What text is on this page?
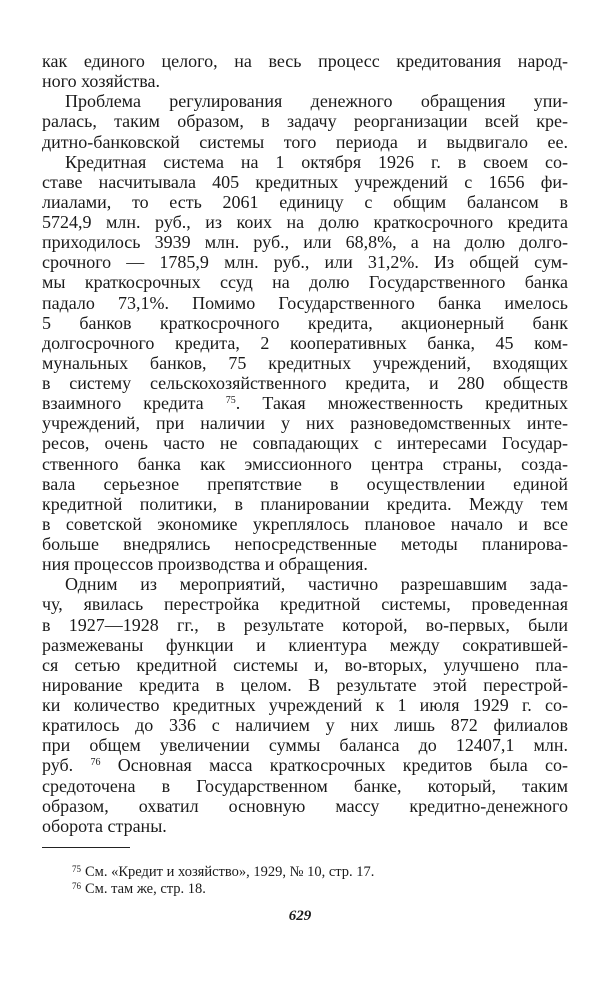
как единого целого, на весь процесс кредитования народ-
ного хозяйства.
Проблема регулирования денежного обращения упи-
ралась, таким образом, в задачу реорганизации всей кре-
дитно-банковской системы того периода и выдвигало ее.
Кредитная система на 1 октября 1926 г. в своем со-
ставе насчитывала 405 кредитных учреждений с 1656 фи-
лиалами, то есть 2061 единицу с общим балансом в
5724,9 млн. руб., из коих на долю краткосрочного кредита
приходилось 3939 млн. руб., или 68,8%, а на долю долго-
срочного — 1785,9 млн. руб., или 31,2%. Из общей сум-
мы краткосрочных ссуд на долю Государственного банка
падало 73,1%. Помимо Государственного банка имелось
5 банков краткосрочного кредита, акционерный банк
долгосрочного кредита, 2 кооперативных банка, 45 ком-
мунальных банков, 75 кредитных учреждений, входящих
в систему сельскохозяйственного кредита, и 280 обществ
взаимного кредита $^{75}$. Такая множественность кредитных
учреждений, при наличии у них разноведомственных инте-
ресов, очень часто не совпадающих с интересами Государ-
ственного банка как эмиссионного центра страны, созда-
вала серьезное препятствие в осуществлении единой
кредитной политики, в планировании кредита. Между тем
в советской экономике укреплялось плановое начало и все
больше внедрялись непосредственные методы планирова-
ния процессов производства и обращения.
Одним из мероприятий, частично разрешавшим зада-
чу, явилась перестройка кредитной системы, проведенная
в 1927—1928 гг., в результате которой, во-первых, были
размежеваны функции и клиентура между сократившей-
ся сетью кредитной системы и, во-вторых, улучшено пла-
нирование кредита в целом. В результате этой перестрой-
ки количество кредитных учреждений к 1 июля 1929 г. со-
кратилось до 336 с наличием у них лишь 872 филиалов
при общем увеличении суммы баланса до 12407,1 млн.
руб. $^{76}$ Основная масса краткосрочных кредитов была со-
средоточена в Государственном банке, который, таким
образом, охватил основную массу кредитно-денежного
оборота страны.
$^{75}$ См. «Кредит и хозяйство», 1929, № 10, стр. 17.
$^{76}$ См. там же, стр. 18.
629
